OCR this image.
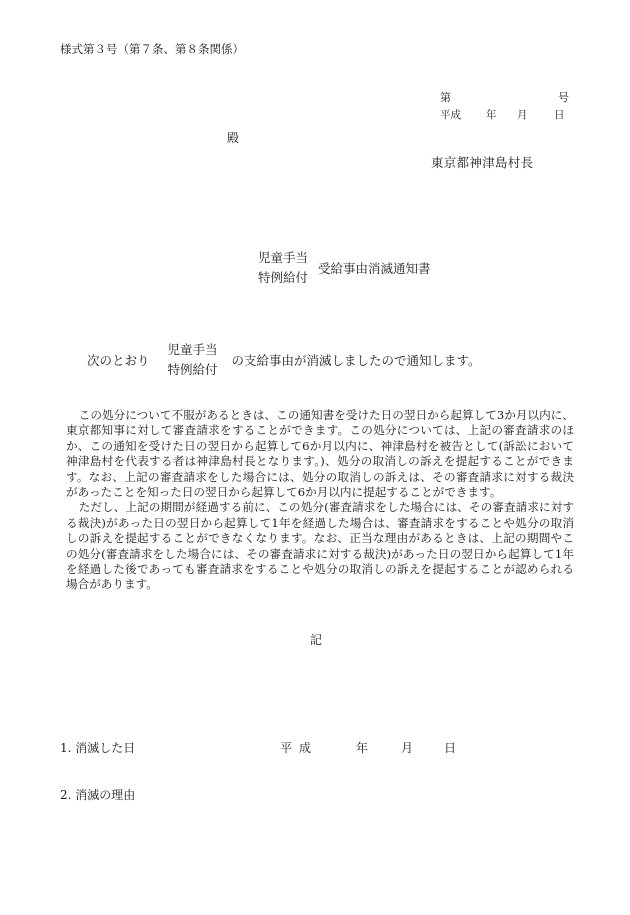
様式第３号（第７条、第８条関係）
第	号
平成 年 月	日
殿
東京都神津島村長
児童手当
特例給付
受給事由消滅通知書
次のとおり
児童手当
特例給付
の支給事由が消滅しましたので通知します。

この処分について不服があるときは、この通知書を受けた日の翌日から起算して3か月以内に、東京都知事に対して審査請求をすることができます。この処分については、上記の審査請求のほか、この通知を受けた日の翌日から起算して6か月以内に、神津島村を被告として(訴訟において神津島村を代表する者は神津島村長となります。)、処分の取消しの訴えを提起することができます。なお、上記の審査請求をした場合には、処分の取消しの訴えは、その審査請求に対する裁決があったことを知った日の翌日から起算して6か月以内に提起することができます。

ただし、上記の期間が経過する前に、この処分(審査請求をした場合には、その審査請求に対する裁決)があった日の翌日から起算して1年を経過した場合は、審査請求をすることや処分の取消しの訴えを提起することができなくなります。なお、正当な理由があるときは、上記の期間やこの処分(審査請求をした場合には、その審査請求に対する裁決)があった日の翌日から起算して1年を経過した後であっても審査請求をすることや処分の取消しの訴えを提起することが認められる場合があります。

記
1. 消滅した日	平成	年	月	日
2. 消滅の理由
